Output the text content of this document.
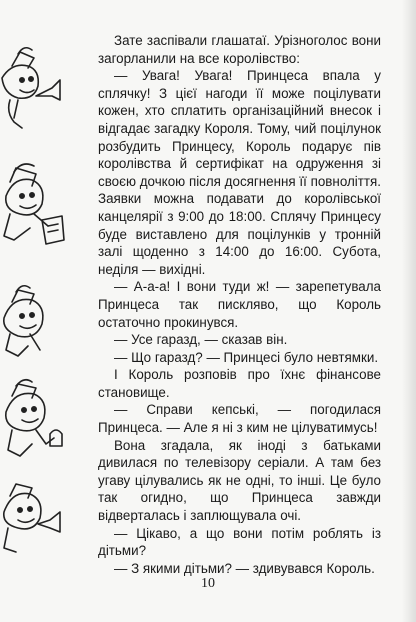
Зате заспівали глашатаї. Урізноголос вони загорланили на все королівство:

— Увага! Увага! Принцеса впала у сплячку! З цієї нагоди її може поцілувати кожен, хто сплатить організаційний внесок і відгадає загадку Короля. Тому, чий поцілунок розбудить Принцесу, Король подарує пів королівства й сертифікат на одруження зі своєю дочкою після досягнення її повноліття. Заявки можна подавати до королівської канцелярії з 9:00 до 18:00. Сплячу Принцесу буде виставлено для поцілунків у тронній залі щоденно з 14:00 до 16:00. Субота, неділя — вихідні.

— А-а-а! І вони туди ж! — зарепетувала Принцеса так пискляво, що Король остаточно прокинувся.

— Усе гаразд, — сказав він.

— Що гаразд? — Принцесі було невтямки.

І Король розповів про їхнє фінансове становище.

— Справи кепські, — погодилася Принцеса. — Але я ні з ким не цілуватимусь!

Вона згадала, як іноді з батьками дивилася по телевізору серіали. А там без угаву цілувались як не одні, то інші. Це було так огидно, що Принцеса завжди відверталась і заплющувала очі.

— Цікаво, а що вони потім роблять із дітьми?

— З якими дітьми? — здивувався Король.

10
